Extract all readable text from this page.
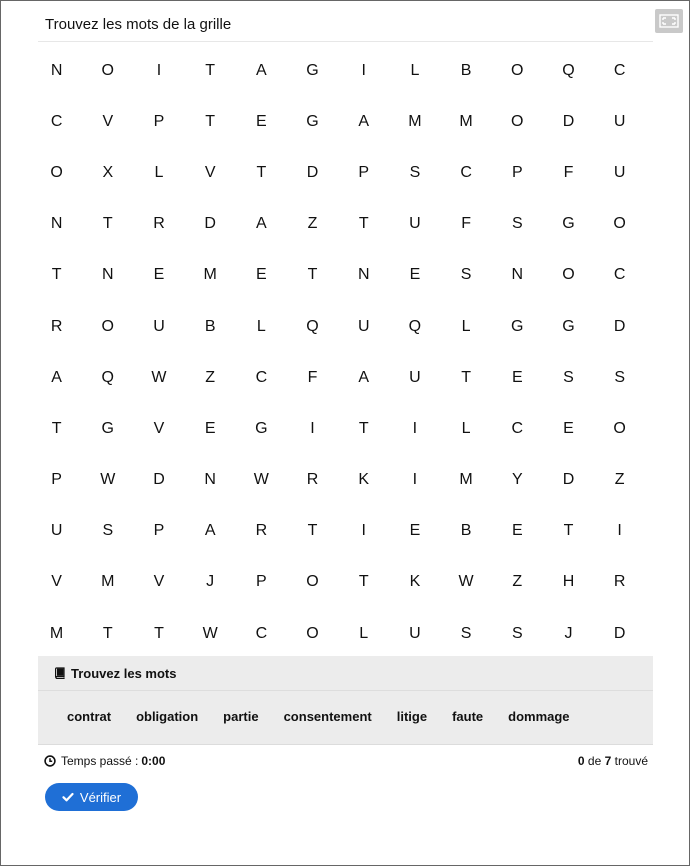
Trouvez les mots de la grille
N	O	I	T	A	G	I	L	B	O	Q	C
C	V	P	T	E	G	A	M	M	O	D	U
O	X	L	V	T	D	P	S	C	P	F	U
N	T	R	D	A	Z	T	U	F	S	G	O
T	N	E	M	E	T	N	E	S	N	O	C
R	O	U	B	L	Q	U	Q	L	G	G	D
A	Q	W	Z	C	F	A	U	T	E	S	S
T	G	V	E	G	I	T	I	L	C	E	O
P	W	D	N	W	R	K	I	M	Y	D	Z
U	S	P	A	R	T	I	E	B	E	T	I
V	M	V	J	P	O	T	K	W	Z	H	R
M	T	T	W	C	O	L	U	S	S	J	D
Trouvez les mots
contrat obligation partie consentement litige faute dommage
Temps passé : 0:00	0 de 7 trouvé
Vérifier
